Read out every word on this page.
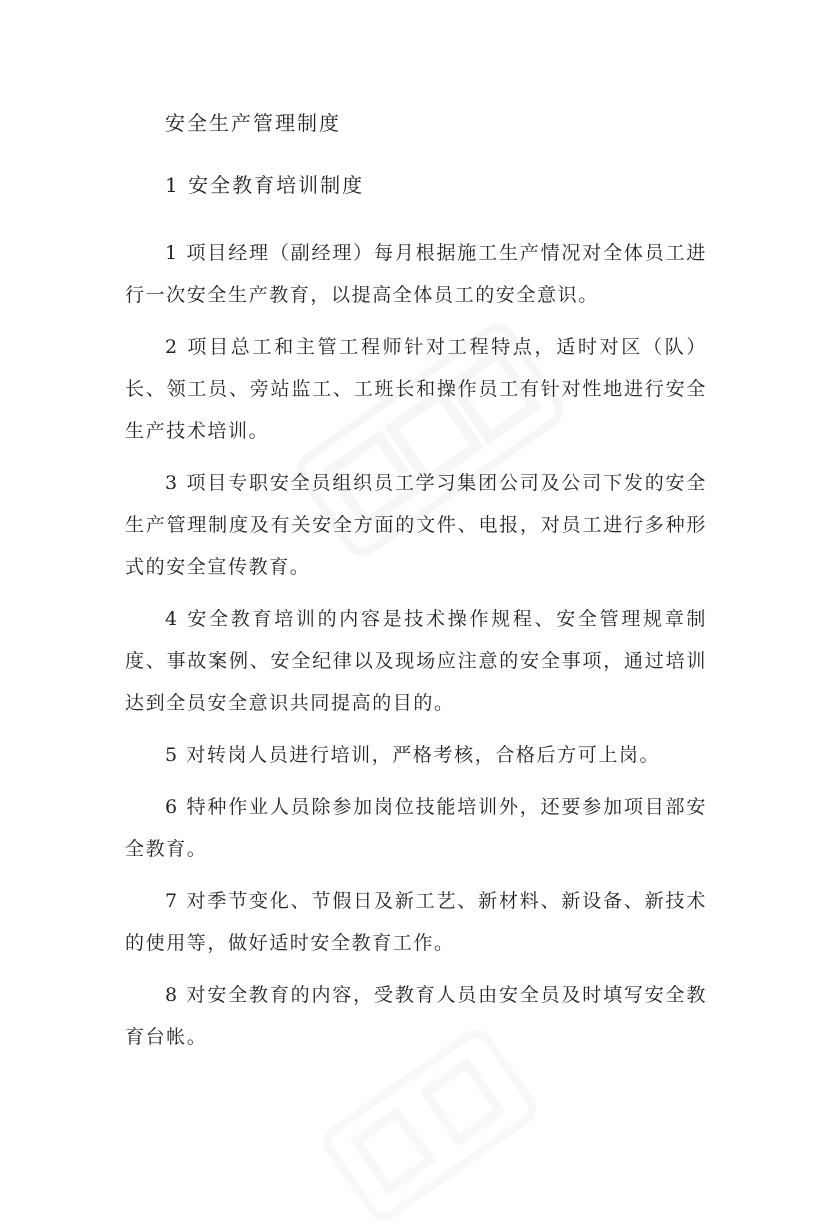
安全生产管理制度
1 安全教育培训制度

1 项目经理（副经理）每月根据施工生产情况对全体员工进行一次安全生产教育，以提高全体员工的安全意识。

2 项目总工和主管工程师针对工程特点，适时对区（队）长、领工员、旁站监工、工班长和操作员工有针对性地进行安全生产技术培训。

3 项目专职安全员组织员工学习集团公司及公司下发的安全生产管理制度及有关安全方面的文件、电报，对员工进行多种形式的安全宣传教育。

4 安全教育培训的内容是技术操作规程、安全管理规章制度、事故案例、安全纪律以及现场应注意的安全事项，通过培训达到全员安全意识共同提高的目的。

5 对转岗人员进行培训，严格考核，合格后方可上岗。

6 特种作业人员除参加岗位技能培训外，还要参加项目部安全教育。

7 对季节变化、节假日及新工艺、新材料、新设备、新技术的使用等，做好适时安全教育工作。

8 对安全教育的内容，受教育人员由安全员及时填写安全教育台帐。
